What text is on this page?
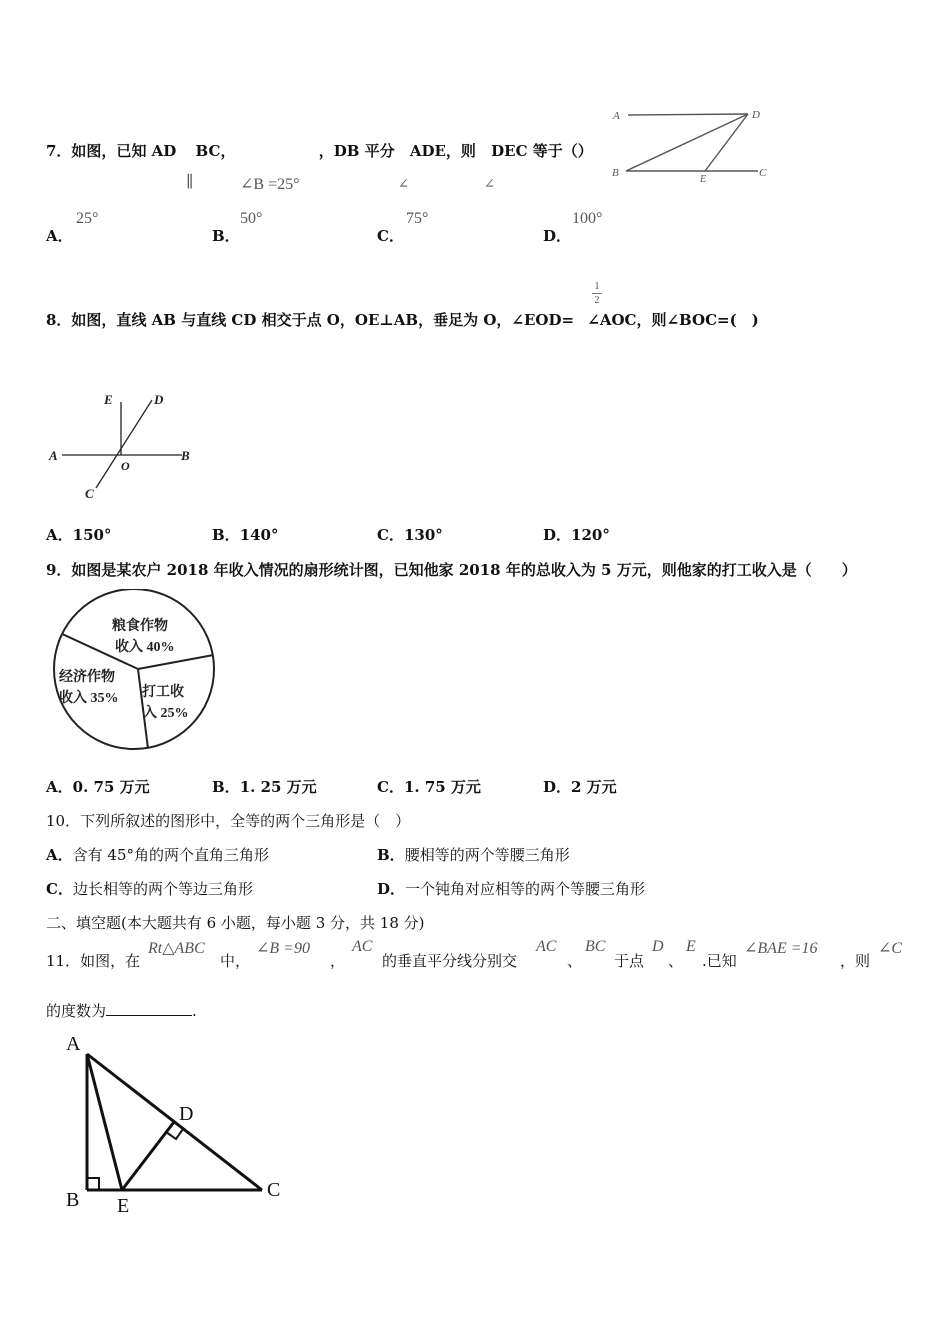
7．如图，已知 AD BC，	，DB 平分 ADE，则 DEC 等于（）
∥	∠B =25°	∠	∠
A	D
B
E
C
A．
25°
B．
50°
C．
75°
D．
100°
1
2
8．如图，直线 AB 与直线 CD 相交于点 O，OE⊥AB，垂足为 O，∠EOD= ∠AOC，则∠BOC=(　)
E	D
A
O
B
C
A．150°	B．140°	C．130°	D．120°
9．如图是某农户 2018 年收入情况的扇形统计图，已知他家 2018 年的总收入为 5 万元，则他家的打工收入是（　　）
粮食作物
收入 40%
打工收
入 25%
经济作物
收入 35%
A．0. 75 万元	B．1. 25 万元	C．1. 75 万元	D．2 万元
10．下列所叙述的图形中，全等的两个三角形是（　）
A．含有 45°角的两个直角三角形	B．腰相等的两个等腰三角形
C．边长相等的两个等边三角形	D．一个钝角对应相等的两个等腰三角形
二、填空题(本大题共有 6 小题，每小题 3 分，共 18 分)
11．如图，在
Rt△ABC
中，
∠B =90
，
AC
的垂直平分线分别交
AC
、
BC
于点
D
、
E
.已知
∠BAE =16
，则
∠C
的度数为	.
A
B	C
D
E
